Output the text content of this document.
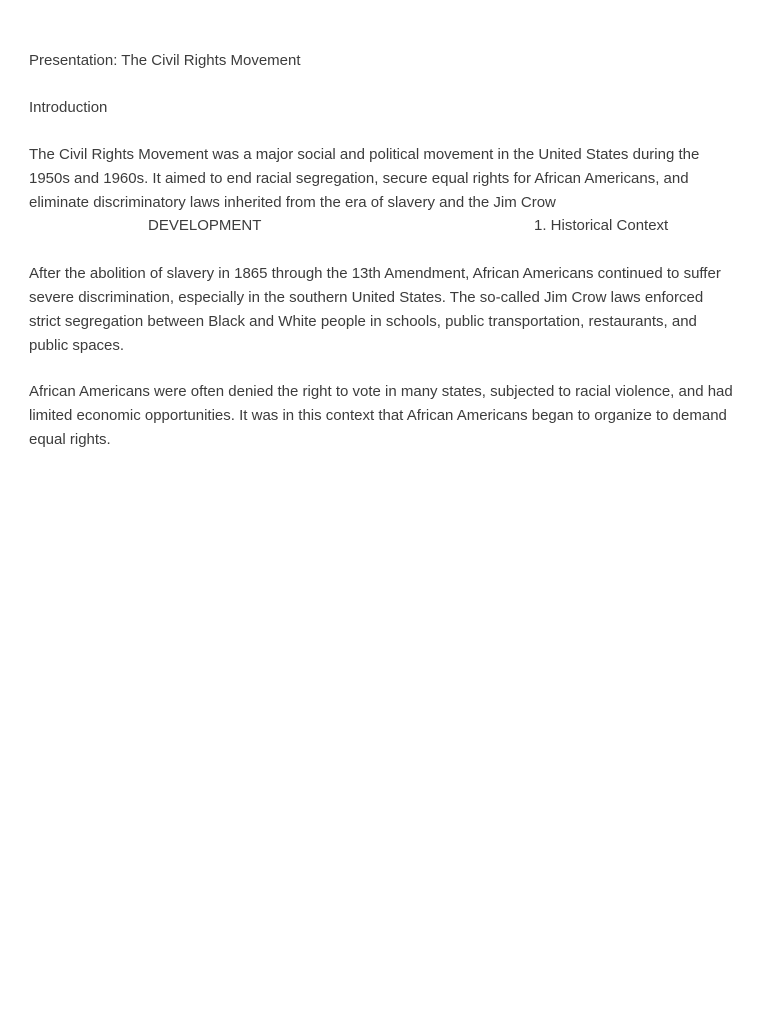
Presentation: The Civil Rights Movement
Introduction

The Civil Rights Movement was a major social and political movement in the United States during the 1950s and 1960s. It aimed to end racial segregation, secure equal rights for African Americans, and eliminate discriminatory laws inherited from the era of slavery and the Jim Crow

DEVELOPMENT	1. Historical Context

After the abolition of slavery in 1865 through the 13th Amendment, African Americans continued to suffer severe discrimination, especially in the southern United States. The so-called Jim Crow laws enforced strict segregation between Black and White people in schools, public transportation, restaurants, and public spaces.

African Americans were often denied the right to vote in many states, subjected to racial violence, and had limited economic opportunities. It was in this context that African Americans began to organize to demand equal rights.
